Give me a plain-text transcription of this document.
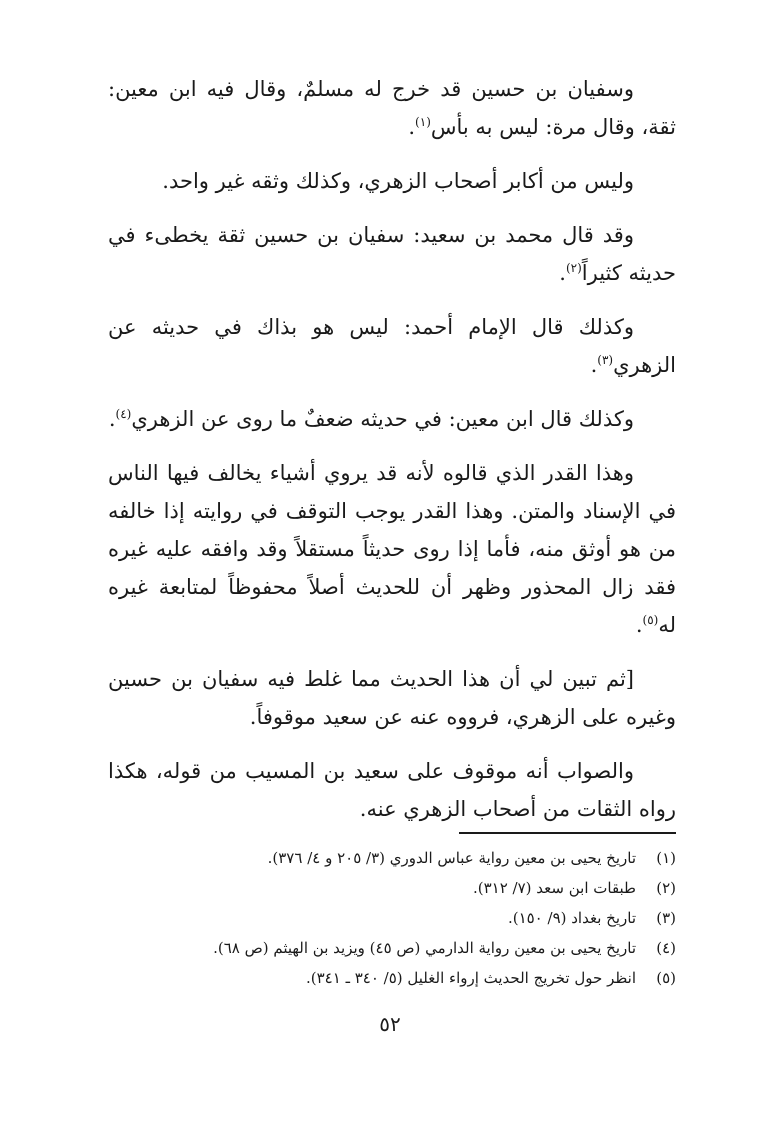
وسفيان بن حسين قد خرج له مسلمٌ، وقال فيه ابن معين: ثقة، وقال مرة: ليس به بأس$^{(١)}$.

وليس من أكابر أصحاب الزهري، وكذلك وثقه غير واحد.

وقد قال محمد بن سعيد: سفيان بن حسين ثقة يخطىء في حديثه كثيراً$^{(٢)}$.

وكذلك قال الإمام أحمد: ليس هو بذاك في حديثه عن الزهري$^{(٣)}$.

وكذلك قال ابن معين: في حديثه ضعفٌ ما روى عن الزهري$^{(٤)}$.

وهذا القدر الذي قالوه لأنه قد يروي أشياء يخالف فيها الناس في الإسناد والمتن. وهذا القدر يوجب التوقف في روايته إذا خالفه من هو أوثق منه، فأما إذا روى حديثاً مستقلاً وقد وافقه عليه غيره فقد زال المحذور وظهر أن للحديث أصلاً محفوظاً لمتابعة غيره له$^{(٥)}$.

[ثم تبين لي أن هذا الحديث مما غلط فيه سفيان بن حسين وغيره على الزهري، فرووه عنه عن سعيد موقوفاً.

والصواب أنه موقوف على سعيد بن المسيب من قوله، هكذا رواه الثقات من أصحاب الزهري عنه.

(١)تاريخ يحيى بن معين رواية عباس الدوري (٣/ ٢٠٥ و ٤/ ٣٧٦).

(٢)طبقات ابن سعد (٧/ ٣١٢).

(٣)تاريخ بغداد (٩/ ١٥٠).

(٤)تاريخ يحيى بن معين رواية الدارمي (ص ٤٥) ويزيد بن الهيثم (ص ٦٨).

(٥)انظر حول تخريج الحديث إرواء الغليل (٥/ ٣٤٠ ـ ٣٤١).

٥٢
